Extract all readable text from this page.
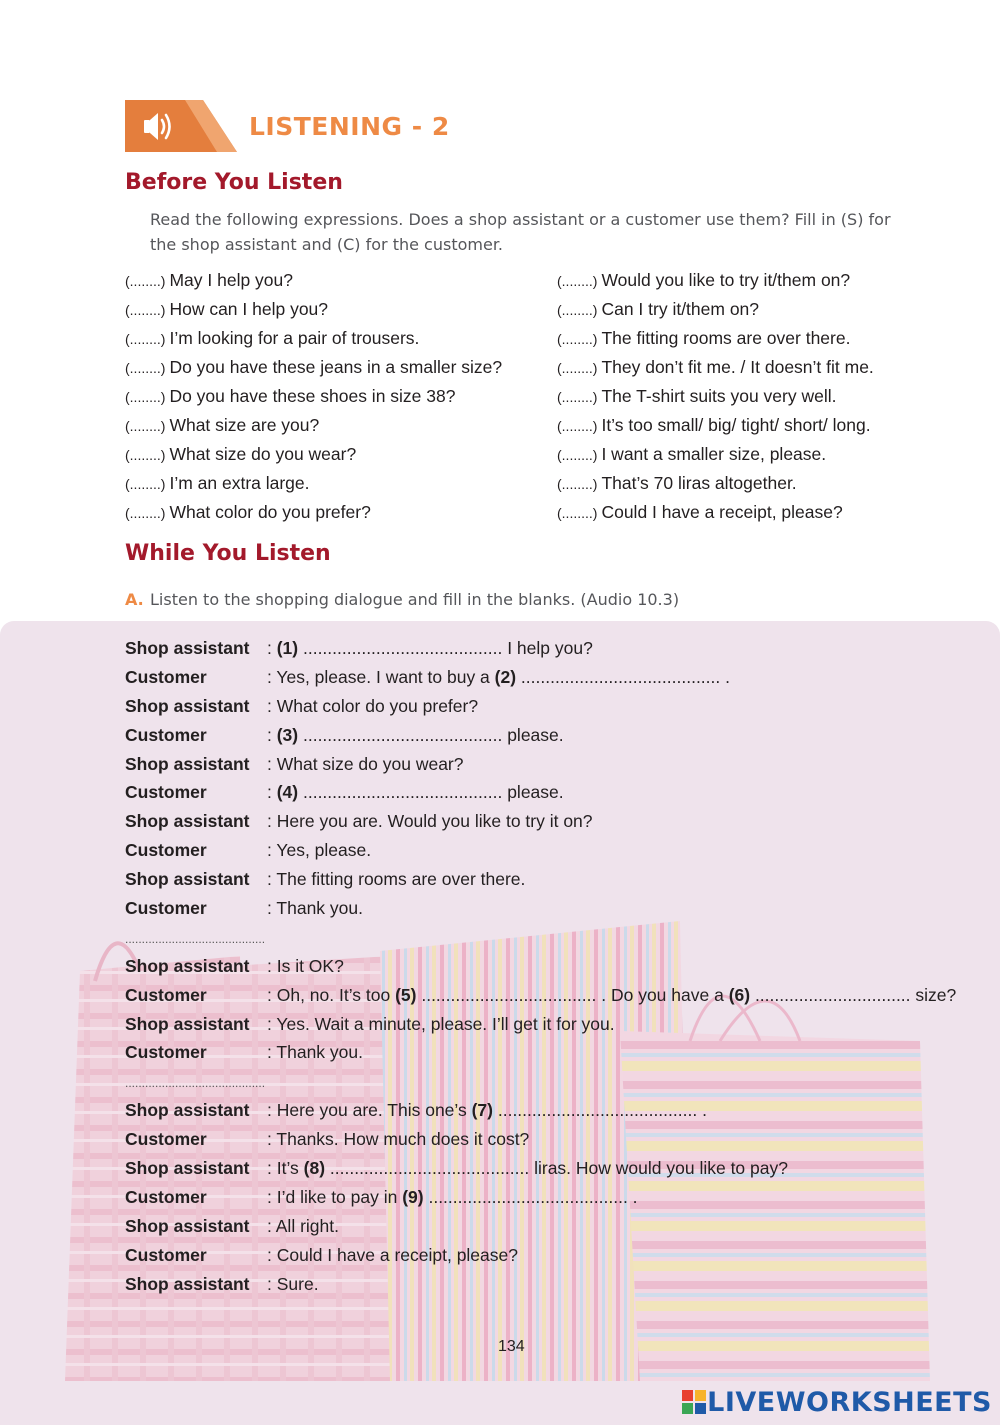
LISTENING - 2
Before You Listen
Read the following expressions. Does a shop assistant or a customer use them? Fill in (S) for the shop assistant and (C) for the customer.
(........) May I help you?
(........) How can I help you?
(........) I’m looking for a pair of trousers.
(........) Do you have these jeans in a smaller size?
(........) Do you have these shoes in size 38?
(........) What size are you?
(........) What size do you wear?
(........) I’m an extra large.
(........) What color do you prefer?
(........) Would you like to try it/them on?
(........) Can I try it/them on?
(........) The fitting rooms are over there.
(........) They don’t fit me. / It doesn’t fit me.
(........) The T-shirt suits you very well.
(........) It’s too small/ big/ tight/ short/ long.
(........) I want a smaller size, please.
(........) That’s 70 liras altogether.
(........) Could I have a receipt, please?
While You Listen
A. Listen to the shopping dialogue and fill in the blanks. (Audio 10.3)
Shop assistant : (1) ......................................... I help you?
Customer	: Yes, please. I want to buy a (2) ......................................... .
Shop assistant : What color do you prefer?
Customer	: (3) ......................................... please.
Shop assistant : What size do you wear?
Customer	: (4) ......................................... please.
Shop assistant : Here you are. Would you like to try it on?
Customer	: Yes, please.
Shop assistant : The fitting rooms are over there.
Customer	: Thank you.
..........................................
Shop assistant : Is it OK?
Customer	: Oh, no. It’s too (5) .................................... . Do you have a (6) ................................ size?
Shop assistant : Yes. Wait a minute, please. I’ll get it for you.
Customer	: Thank you.
..........................................
Shop assistant : Here you are. This one’s (7) ......................................... .
Customer	: Thanks. How much does it cost?
Shop assistant : It’s (8) ......................................... liras. How would you like to pay?
Customer	: I’d like to pay in (9) ......................................... .
Shop assistant : All right.
Customer	: Could I have a receipt, please?
Shop assistant : Sure.
134
LIVEWORKSHEETS
